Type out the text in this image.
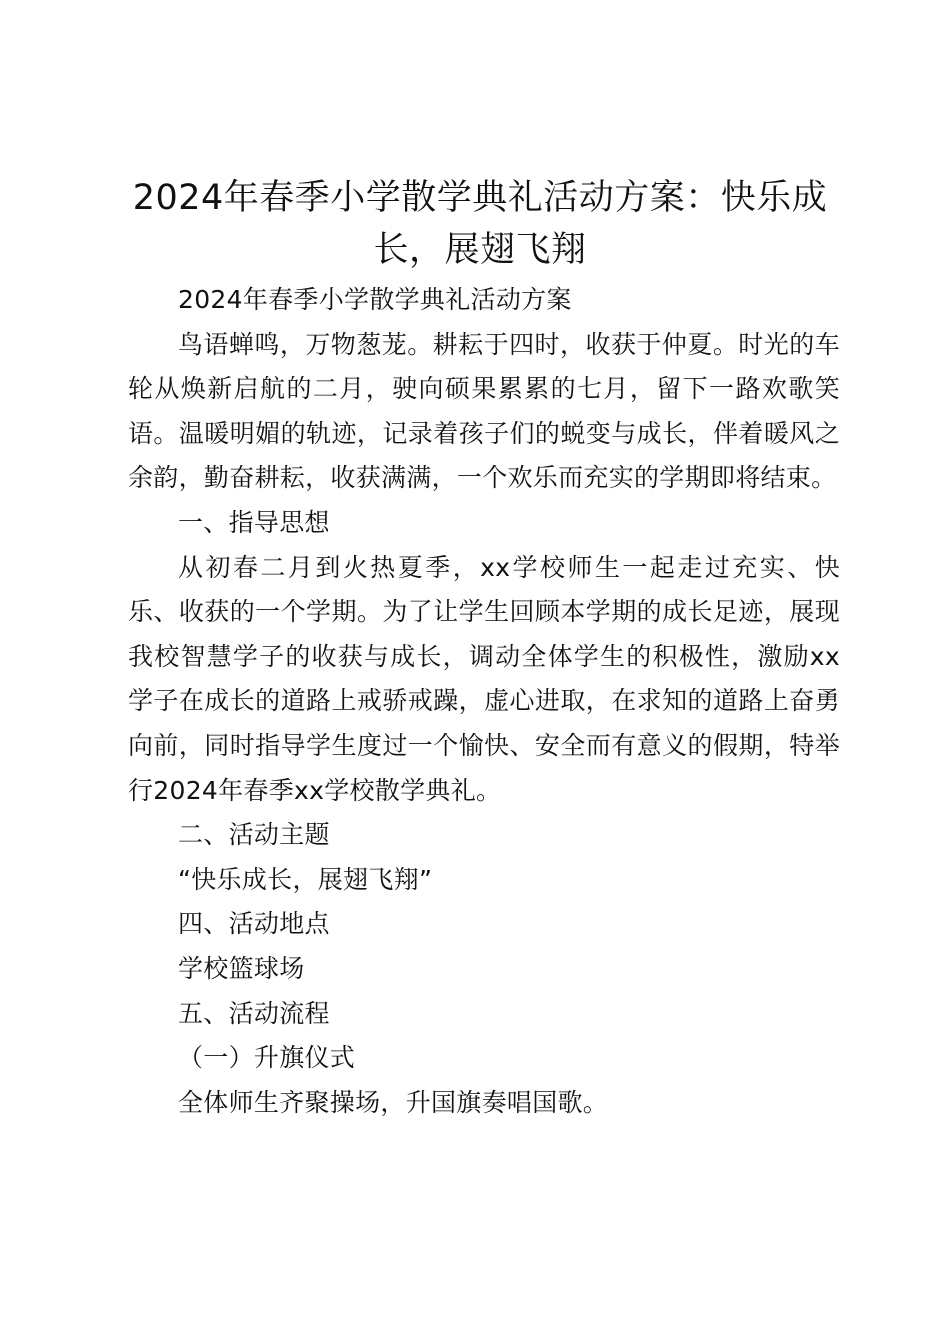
2024年春季小学散学典礼活动方案：快乐成长，展翅飞翔

2024年春季小学散学典礼活动方案

鸟语蝉鸣，万物葱茏。耕耘于四时，收获于仲夏。时光的车轮从焕新启航的二月，驶向硕果累累的七月，留下一路欢歌笑语。温暖明媚的轨迹，记录着孩子们的蜕变与成长，伴着暖风之余韵，勤奋耕耘，收获满满，一个欢乐而充实的学期即将结束。

一、指导思想

从初春二月到火热夏季，xx学校师生一起走过充实、快乐、收获的一个学期。为了让学生回顾本学期的成长足迹，展现我校智慧学子的收获与成长，调动全体学生的积极性，激励xx学子在成长的道路上戒骄戒躁，虚心进取，在求知的道路上奋勇向前，同时指导学生度过一个愉快、安全而有意义的假期，特举行2024年春季xx学校散学典礼。

二、活动主题

“快乐成长，展翅飞翔”

四、活动地点

学校篮球场

五、活动流程

（一）升旗仪式

全体师生齐聚操场，升国旗奏唱国歌。
